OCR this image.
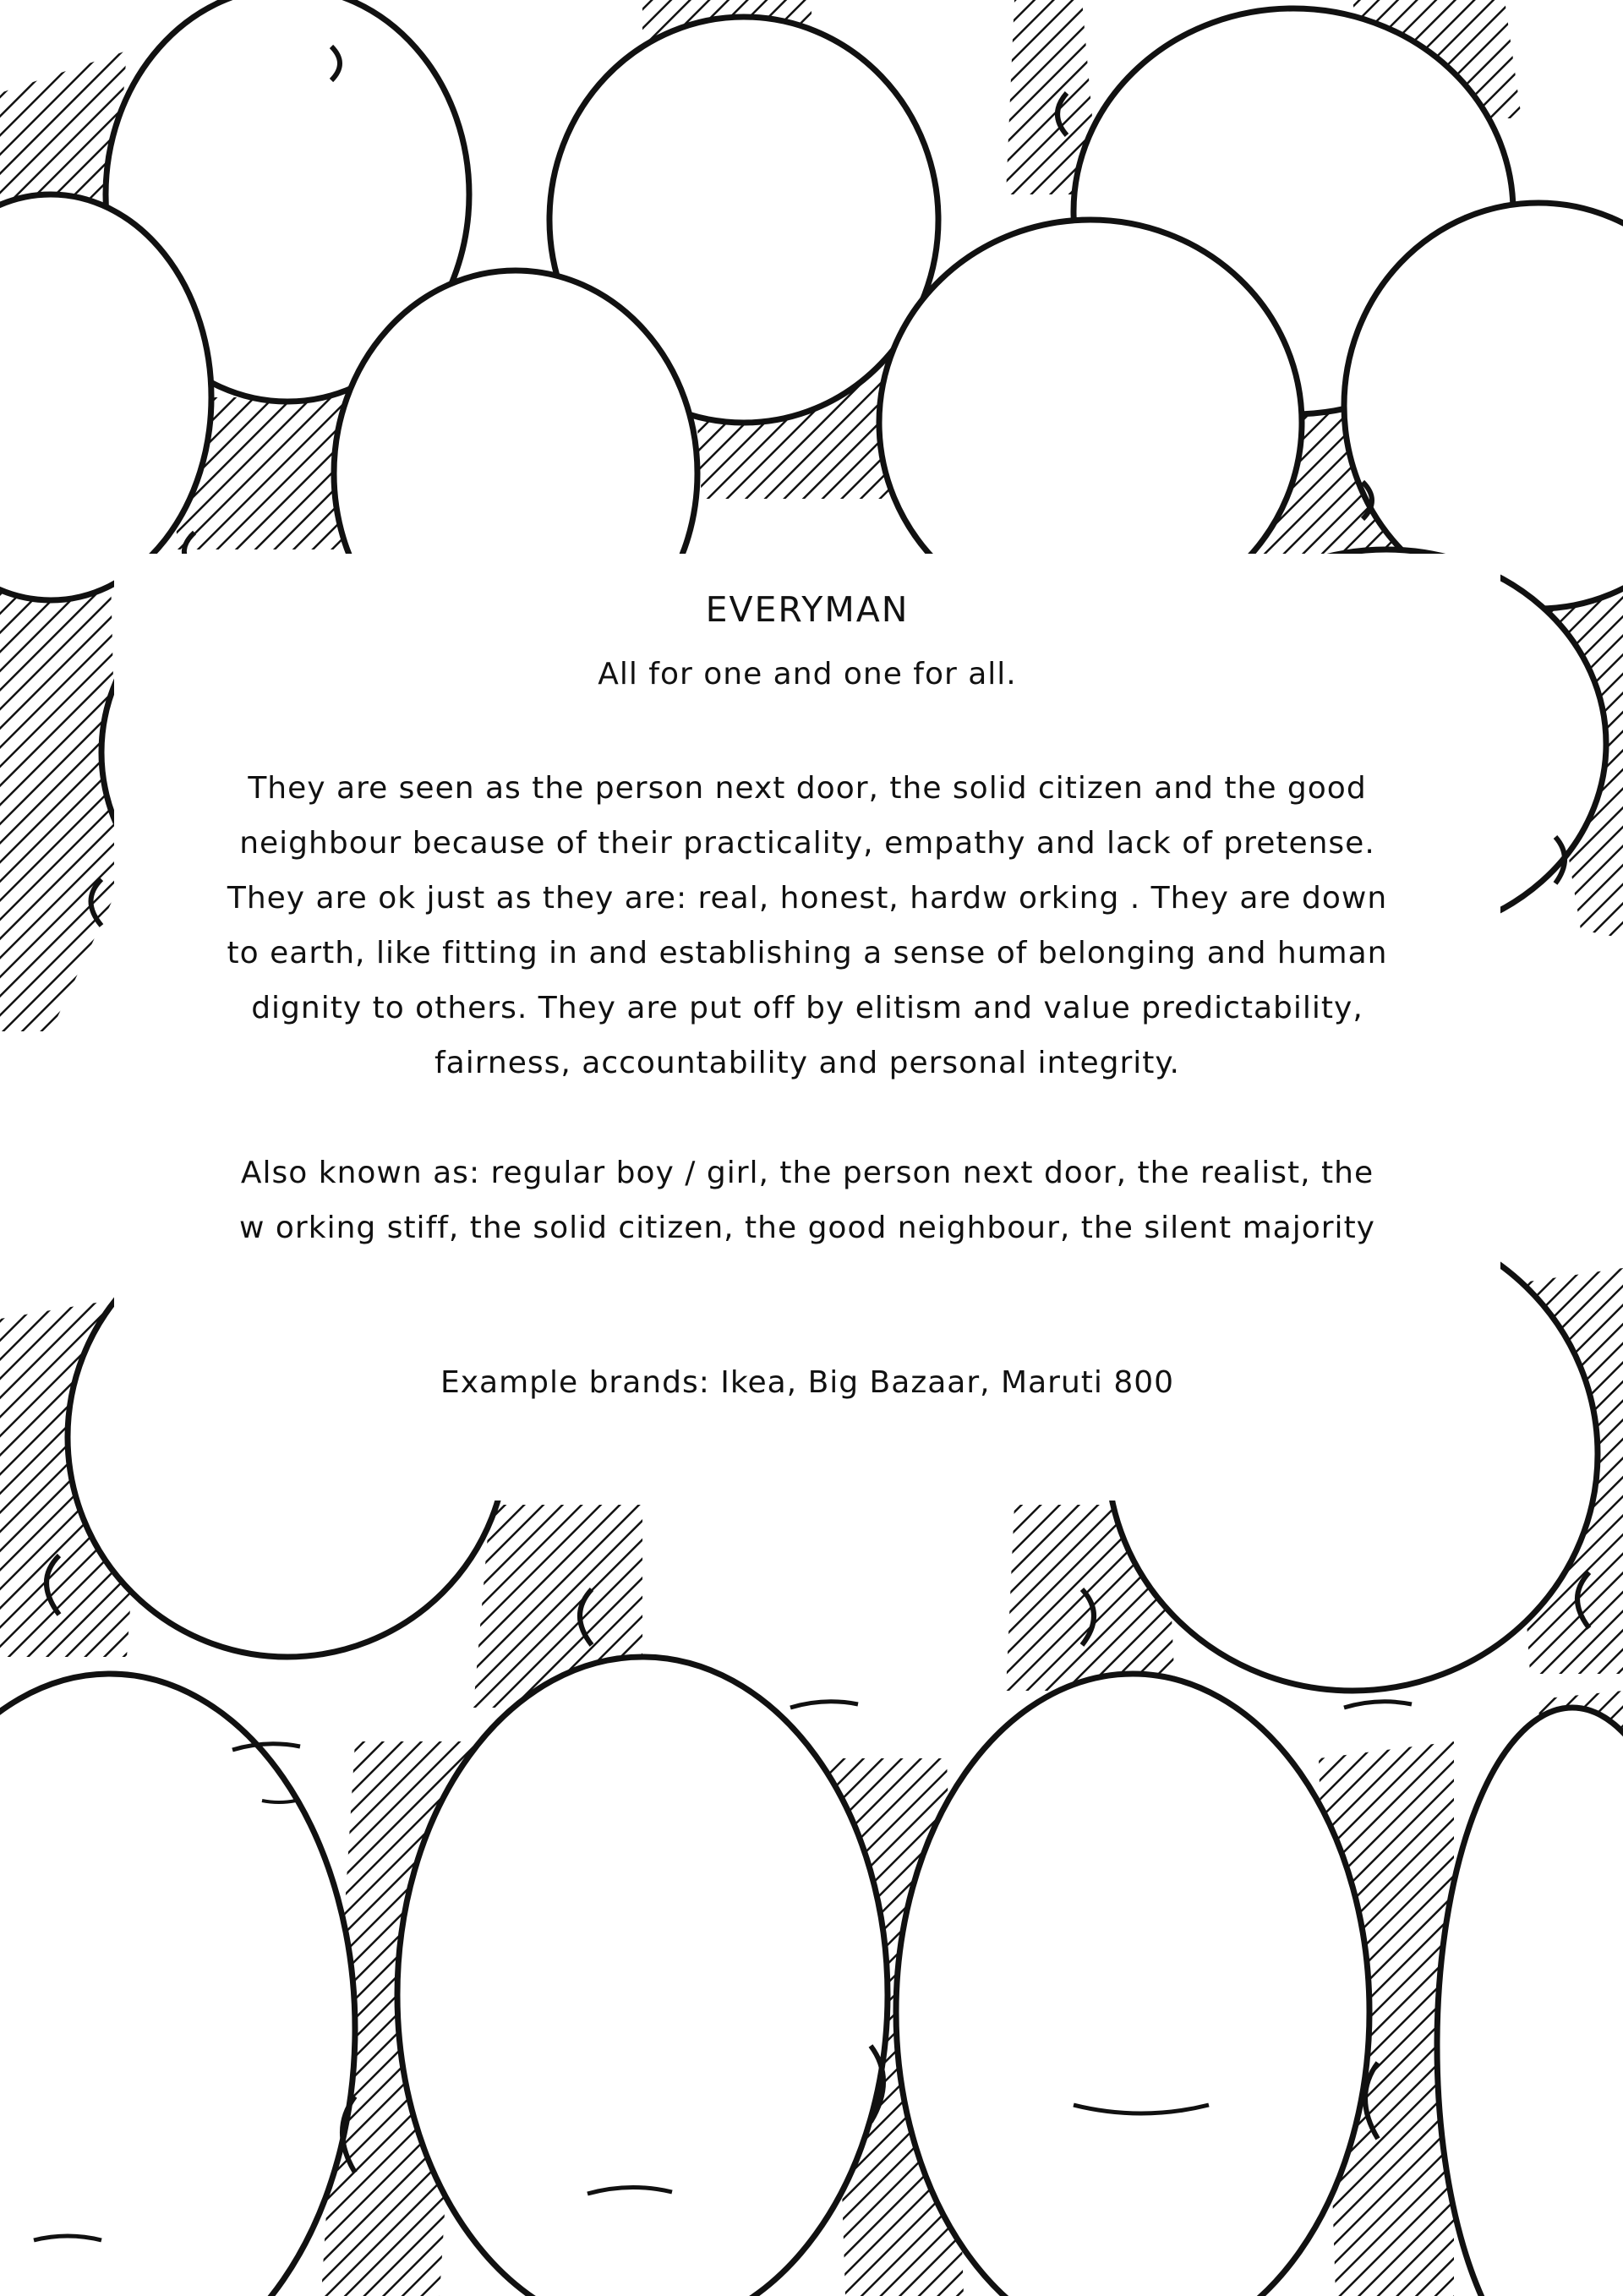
EVERYMAN
All for one and one for all.

They are seen as the person next door, the solid citizen and the good

neighbour because of their practicality, empathy and lack of pretense.

They are ok just as they are: real, honest, hardw orking . They are down

to earth, like fitting in and establishing a sense of belonging and human

dignity to others. They are put off by elitism and value predictability,

fairness, accountability and personal integrity.

Also known as: regular boy / girl, the person next door, the realist, the

w orking stiff, the solid citizen, the good neighbour, the silent majority

Example brands: Ikea, Big Bazaar, Maruti 800
